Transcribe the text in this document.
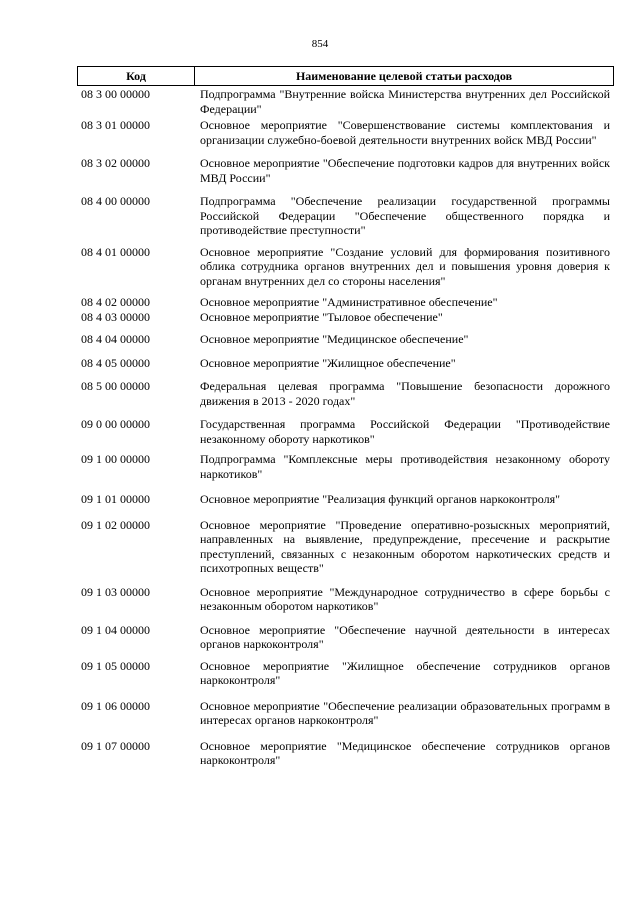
854
Код	Наименование целевой статьи расходов
08 3 00 00000	Подпрограмма "Внутренние войска Министерства внутренних дел Российской Федерации"
08 3 01 00000	Основное мероприятие "Совершенствование системы комплектования и организации служебно-боевой деятельности внутренних войск МВД России"
08 3 02 00000	Основное мероприятие "Обеспечение подготовки кадров для внутренних войск МВД России"
08 4 00 00000	Подпрограмма "Обеспечение реализации государственной программы Российской Федерации "Обеспечение общественного порядка и противодействие преступности"
08 4 01 00000	Основное мероприятие "Создание условий для формирования позитивного облика сотрудника органов внутренних дел и повышения уровня доверия к органам внутренних дел со стороны населения"
08 4 02 00000	Основное мероприятие "Административное обеспечение"
08 4 03 00000	Основное мероприятие "Тыловое обеспечение"
08 4 04 00000	Основное мероприятие "Медицинское обеспечение"
08 4 05 00000	Основное мероприятие "Жилищное обеспечение"
08 5 00 00000	Федеральная целевая программа "Повышение безопасности дорожного движения в 2013 - 2020 годах"
09 0 00 00000	Государственная программа Российской Федерации "Противодействие незаконному обороту наркотиков"
09 1 00 00000	Подпрограмма "Комплексные меры противодействия незаконному обороту наркотиков"
09 1 01 00000	Основное мероприятие "Реализация функций органов наркоконтроля"
09 1 02 00000	Основное мероприятие "Проведение оперативно-розыскных мероприятий, направленных на выявление, предупреждение, пресечение и раскрытие преступлений, связанных с незаконным оборотом наркотических средств и психотропных веществ"
09 1 03 00000	Основное мероприятие "Международное сотрудничество в сфере борьбы с незаконным оборотом наркотиков"
09 1 04 00000	Основное мероприятие "Обеспечение научной деятельности в интересах органов наркоконтроля"
09 1 05 00000	Основное мероприятие "Жилищное обеспечение сотрудников органов наркоконтроля"
09 1 06 00000	Основное мероприятие "Обеспечение реализации образовательных программ в интересах органов наркоконтроля"
09 1 07 00000	Основное мероприятие "Медицинское обеспечение сотрудников органов наркоконтроля"
